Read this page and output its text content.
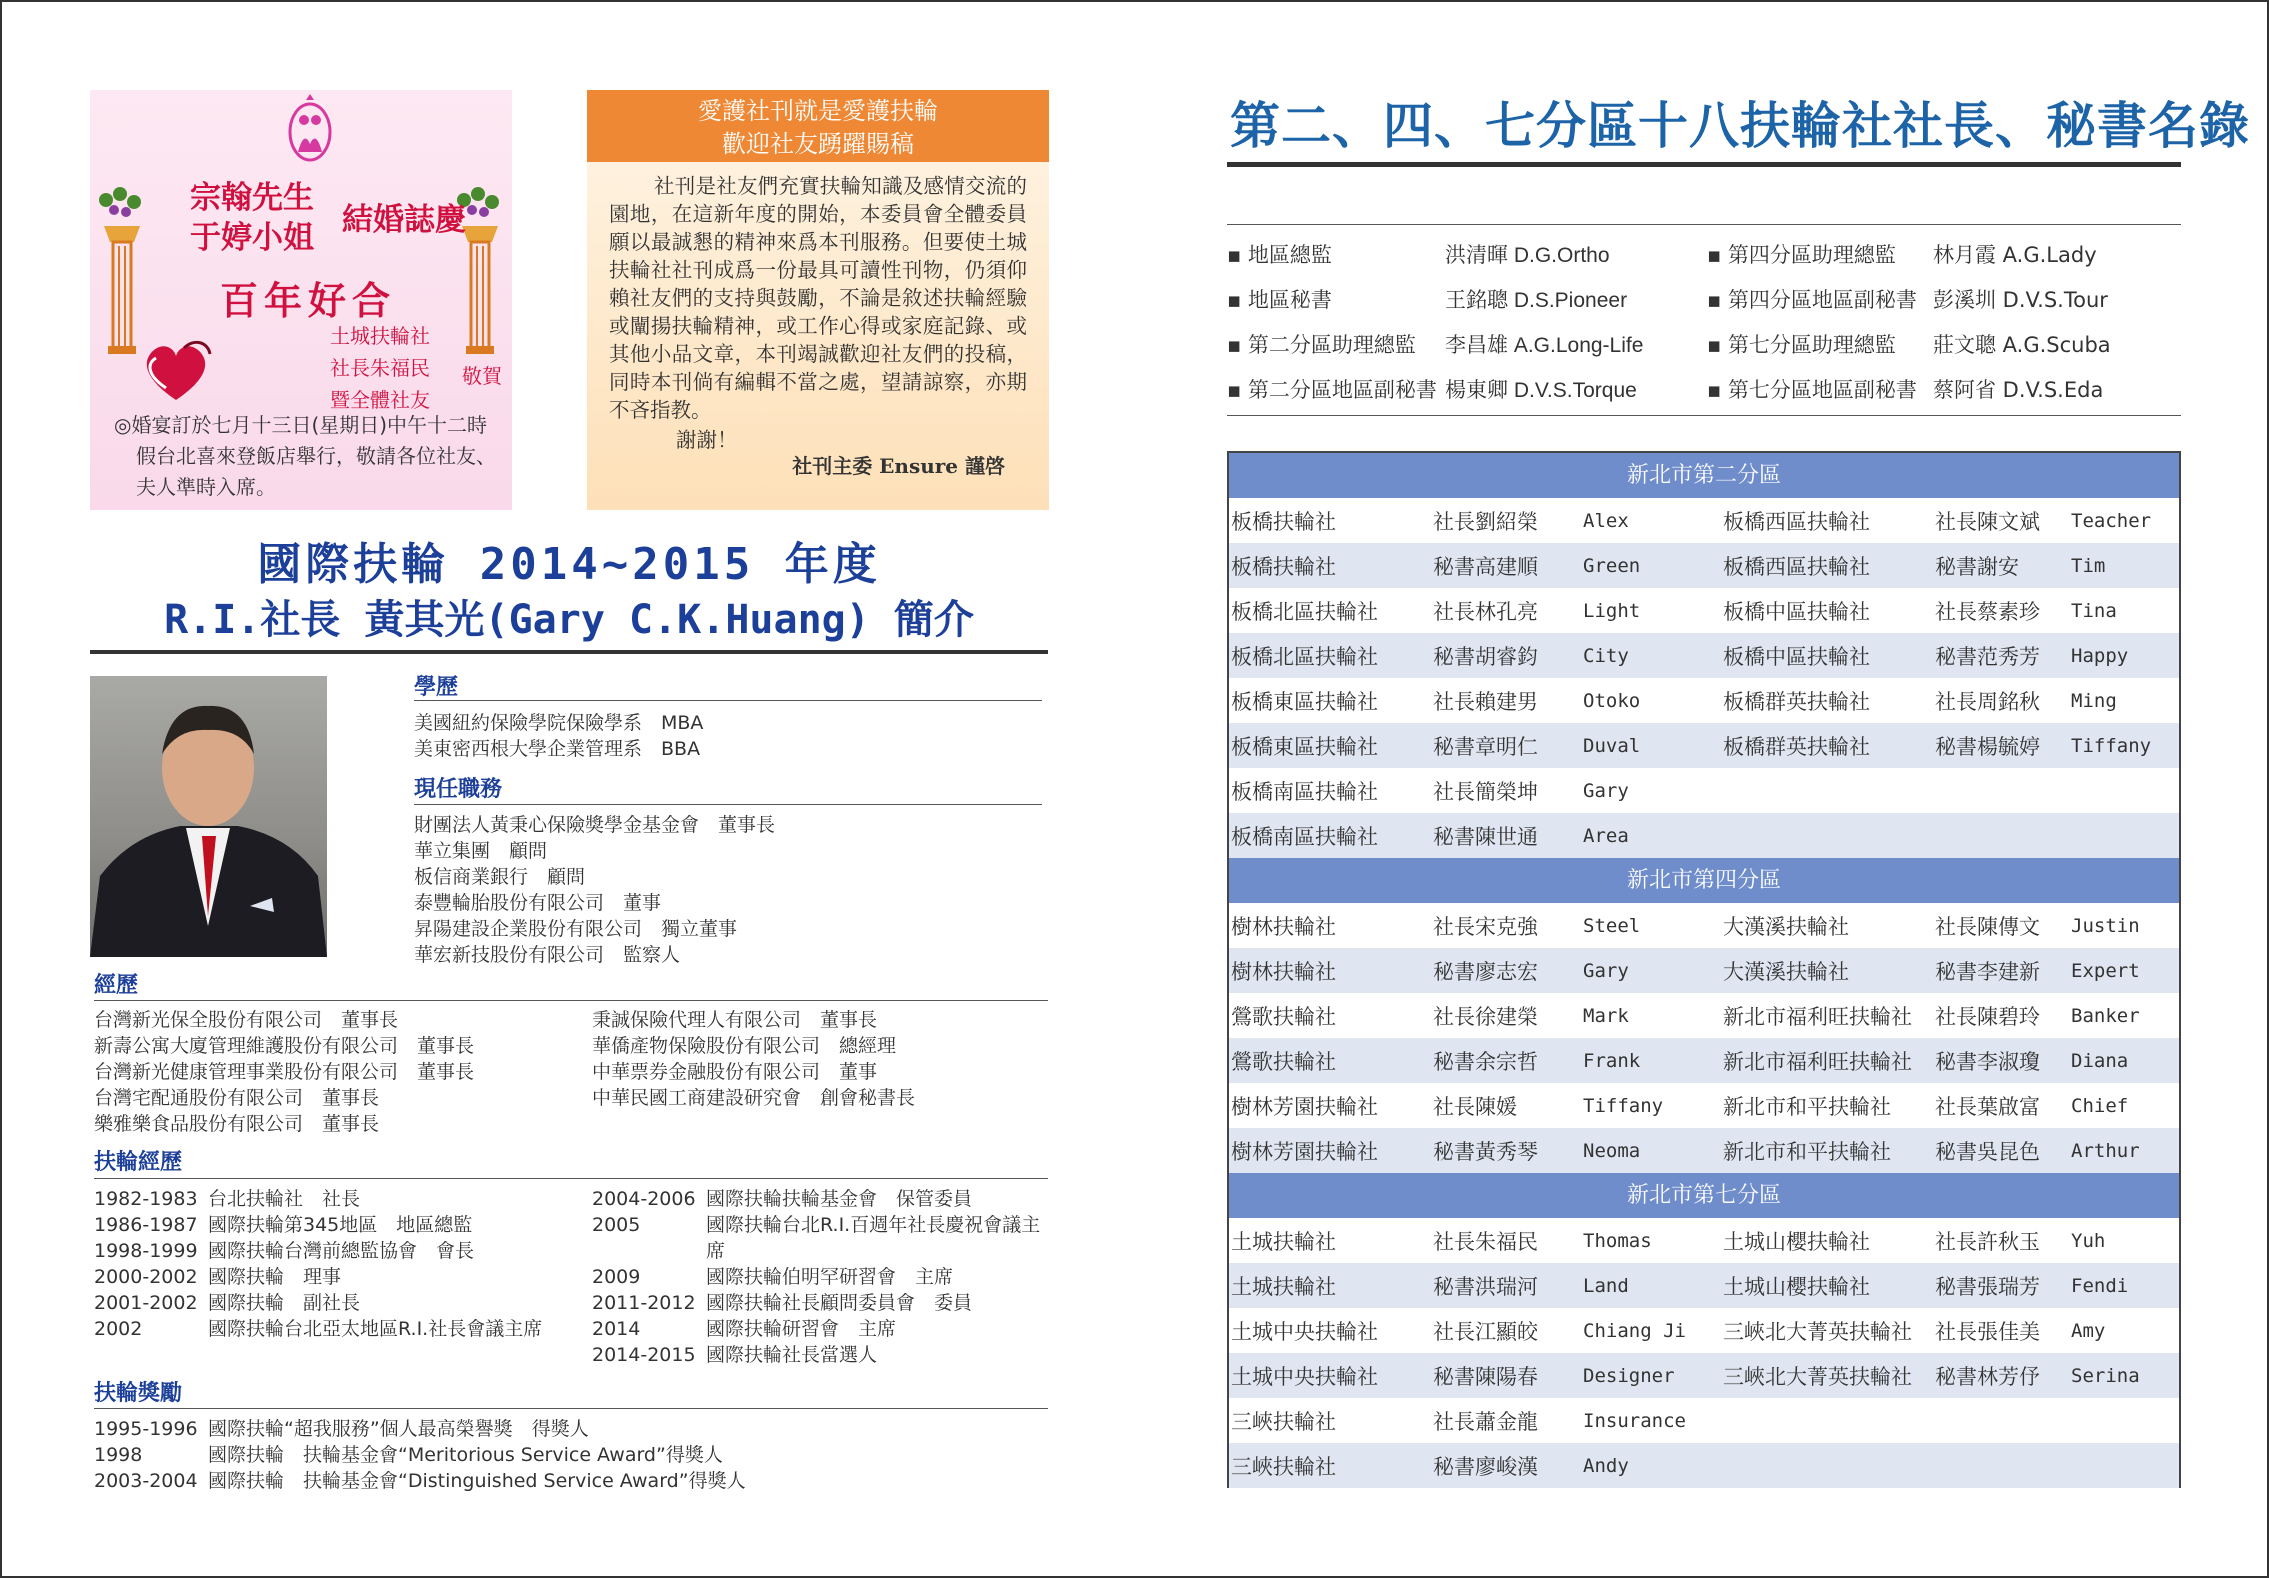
宗翰先生
于婷小姐 結婚誌慶
百年好合
土城扶輪社
社長朱福民
暨全體社友
敬賀
◎婚宴訂於七月十三日(星期日)中午十二時假台北喜來登飯店舉行，敬請各位社友、夫人準時入席。
愛護社刊就是愛護扶輪
歡迎社友踴躍賜稿

社刊是社友們充實扶輪知識及感情交流的園地，在這新年度的開始，本委員會全體委員願以最誠懇的精神來爲本刊服務。但要使土城扶輪社社刊成爲一份最具可讀性刊物，仍須仰賴社友們的支持與鼓勵，不論是敘述扶輪經驗或闡揚扶輪精神，或工作心得或家庭記錄、或其他小品文章，本刊竭誠歡迎社友們的投稿，同時本刊倘有編輯不當之處，望請諒察，亦期不吝指教。

謝謝！

社刊主委 Ensure 謹啓

國際扶輪 2014~2015 年度
R.I.社長 黃其光(Gary C.K.Huang) 簡介
學歷
美國紐約保險學院保險學系　MBA
美東密西根大學企業管理系　BBA
現任職務
財團法人黃秉心保險獎學金基金會　董事長
華立集團　顧問
板信商業銀行　顧問
泰豐輪胎股份有限公司　董事
昇陽建設企業股份有限公司　獨立董事
華宏新技股份有限公司　監察人
經歷
台灣新光保全股份有限公司　董事長
新壽公寓大廈管理維護股份有限公司　董事長
台灣新光健康管理事業股份有限公司　董事長
台灣宅配通股份有限公司　董事長
樂雅樂食品股份有限公司　董事長
秉誠保險代理人有限公司　董事長
華僑產物保險股份有限公司　總經理
中華票券金融股份有限公司　董事
中華民國工商建設研究會　創會秘書長
扶輪經歷
1982-1983 台北扶輪社　社長
1986-1987 國際扶輪第345地區　地區總監
1998-1999 國際扶輪台灣前總監協會　會長
2000-2002 國際扶輪　理事
2001-2002 國際扶輪　副社長
2002	國際扶輪台北亞太地區R.I.社長會議主席
2004-2006 國際扶輪扶輪基金會　保管委員
2005	國際扶輪台北R.I.百週年社長慶祝會議主席
2009	國際扶輪伯明罕研習會　主席
2011-2012 國際扶輪社長顧問委員會　委員
2014	國際扶輪研習會　主席
2014-2015 國際扶輪社長當選人
扶輪獎勵
1995-1996 國際扶輪“超我服務”個人最高榮譽獎　得獎人
1998	國際扶輪　扶輪基金會“Meritorious Service Award”得獎人
2003-2004 國際扶輪　扶輪基金會“Distinguished Service Award”得獎人
第二、四、七分區十八扶輪社社長、秘書名錄
▪ 地區總監	洪清暉 D.G.Ortho	▪ 第四分區助理總監	林月霞 A.G.Lady
▪ 地區秘書	王銘聰 D.S.Pioneer	▪ 第四分區地區副秘書 彭溪圳 D.V.S.Tour
▪ 第二分區助理總監	李昌雄 A.G.Long-Life	▪ 第七分區助理總監	莊文聰 A.G.Scuba
▪ 第二分區地區副秘書 楊東卿 D.V.S.Torque	▪ 第七分區地區副秘書 蔡阿省 D.V.S.Eda
新北市第二分區
板橋扶輪社	社長劉紹榮	Alex	板橋西區扶輪社	社長陳文斌	Teacher
板橋扶輪社	秘書高建順	Green	板橋西區扶輪社	秘書謝安	Tim
板橋北區扶輪社	社長林孔亮	Light	板橋中區扶輪社	社長蔡素珍	Tina
板橋北區扶輪社	秘書胡睿鈞	City	板橋中區扶輪社	秘書范秀芳	Happy
板橋東區扶輪社	社長賴建男	Otoko	板橋群英扶輪社	社長周銘秋	Ming
板橋東區扶輪社	秘書章明仁	Duval	板橋群英扶輪社	秘書楊毓婷	Tiffany
板橋南區扶輪社	社長簡榮坤	Gary
板橋南區扶輪社	秘書陳世通	Area
新北市第四分區
樹林扶輪社	社長宋克強	Steel	大漢溪扶輪社	社長陳傳文	Justin
樹林扶輪社	秘書廖志宏	Gary	大漢溪扶輪社	秘書李建新	Expert
鶯歌扶輪社	社長徐建榮	Mark	新北市福利旺扶輪社	社長陳碧玲	Banker
鶯歌扶輪社	秘書余宗哲	Frank	新北市福利旺扶輪社	秘書李淑瓊	Diana
樹林芳園扶輪社	社長陳媛	Tiffany	新北市和平扶輪社	社長葉啟富	Chief
樹林芳園扶輪社	秘書黃秀琴	Neoma	新北市和平扶輪社	秘書吳昆色	Arthur
新北市第七分區
土城扶輪社	社長朱福民	Thomas	土城山櫻扶輪社	社長許秋玉	Yuh
土城扶輪社	秘書洪瑞河	Land	土城山櫻扶輪社	秘書張瑞芳	Fendi
土城中央扶輪社	社長江顯皎	Chiang Ji	三峽北大菁英扶輪社	社長張佳美	Amy
土城中央扶輪社	秘書陳陽春	Designer	三峽北大菁英扶輪社	秘書林芳伃	Serina
三峽扶輪社	社長蕭金龍	Insurance
三峽扶輪社	秘書廖峻漢	Andy
